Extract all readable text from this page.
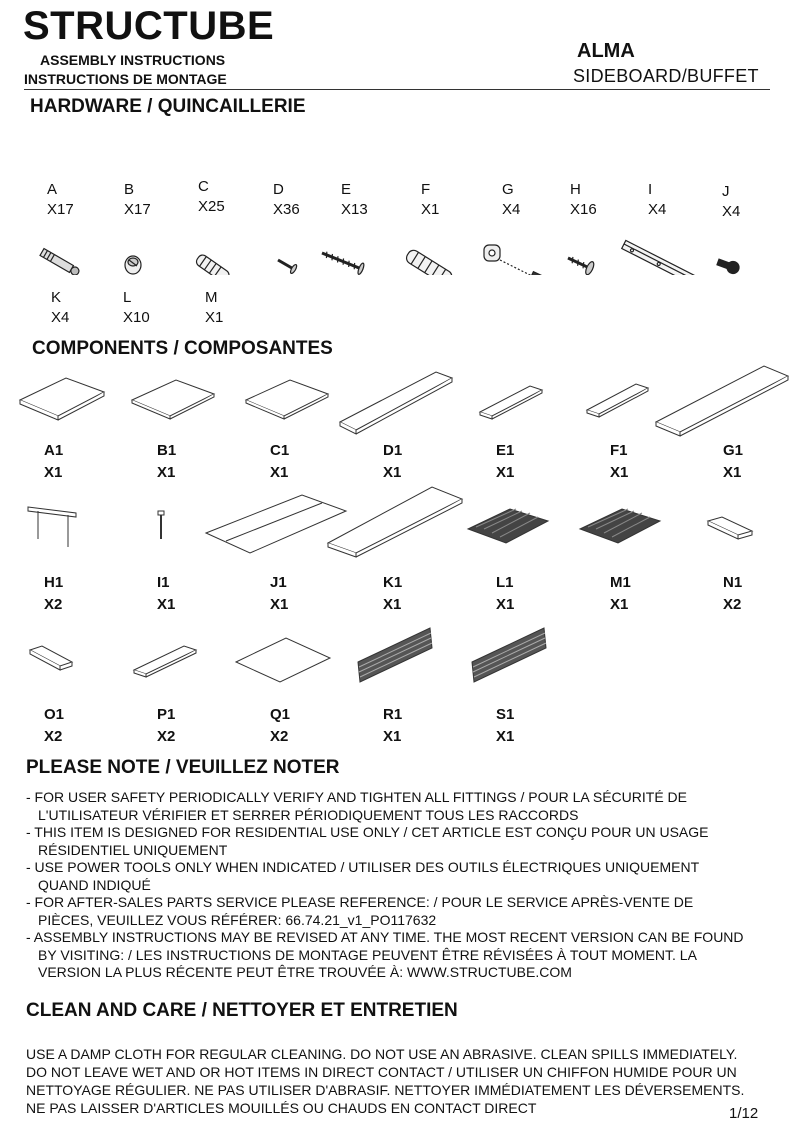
STRUCTUBE
ASSEMBLY INSTRUCTIONS
INSTRUCTIONS DE MONTAGE
ALMA
SIDEBOARD/BUFFET
HARDWARE / QUINCAILLERIE
A
X17
B
X17
C
X25
D
X36
E
X13
F
X1
G
X4
H
X16
I
X4
J
X4
K
X4
L
X10
M
X1
COMPONENTS / COMPOSANTES
A1
X1
B1
X1
C1
X1
D1
X1
E1
X1
F1
X1
G1
X1
H1
X2
I1
X1
J1
X1
K1
X1
L1
X1
M1
X1
N1
X2
O1
X2
P1
X2
Q1
X2
R1
X1
S1
X1
PLEASE NOTE / VEUILLEZ NOTER
- FOR USER SAFETY PERIODICALLY VERIFY AND TIGHTEN ALL FITTINGS / POUR LA SÉCURITÉ DE L'UTILISATEUR VÉRIFIER ET SERRER PÉRIODIQUEMENT TOUS LES RACCORDS
- THIS ITEM IS DESIGNED FOR RESIDENTIAL USE ONLY / CET ARTICLE EST CONÇU POUR UN USAGE RÉSIDENTIEL UNIQUEMENT
- USE POWER TOOLS ONLY WHEN INDICATED / UTILISER DES OUTILS ÉLECTRIQUES UNIQUEMENT QUAND INDIQUÉ
- FOR AFTER-SALES PARTS SERVICE PLEASE REFERENCE: / POUR LE SERVICE APRÈS-VENTE DE PIÈCES, VEUILLEZ VOUS RÉFÉRER: 66.74.21_v1_PO117632
- ASSEMBLY INSTRUCTIONS MAY BE REVISED AT ANY TIME. THE MOST RECENT VERSION CAN BE FOUND BY VISITING: / LES INSTRUCTIONS DE MONTAGE PEUVENT ÊTRE RÉVISÉES À TOUT MOMENT. LA VERSION LA PLUS RÉCENTE PEUT ÊTRE TROUVÉE À: WWW.STRUCTUBE.COM
CLEAN AND CARE / NETTOYER ET ENTRETIEN
USE A DAMP CLOTH FOR REGULAR CLEANING. DO NOT USE AN ABRASIVE. CLEAN SPILLS IMMEDIATELY. DO NOT LEAVE WET AND OR HOT ITEMS IN DIRECT CONTACT / UTILISER UN CHIFFON HUMIDE POUR UN NETTOYAGE RÉGULIER. NE PAS UTILISER D'ABRASIF. NETTOYER IMMÉDIATEMENT LES DÉVERSEMENTS. NE PAS LAISSER D'ARTICLES MOUILLÉS OU CHAUDS EN CONTACT DIRECT	1/12
